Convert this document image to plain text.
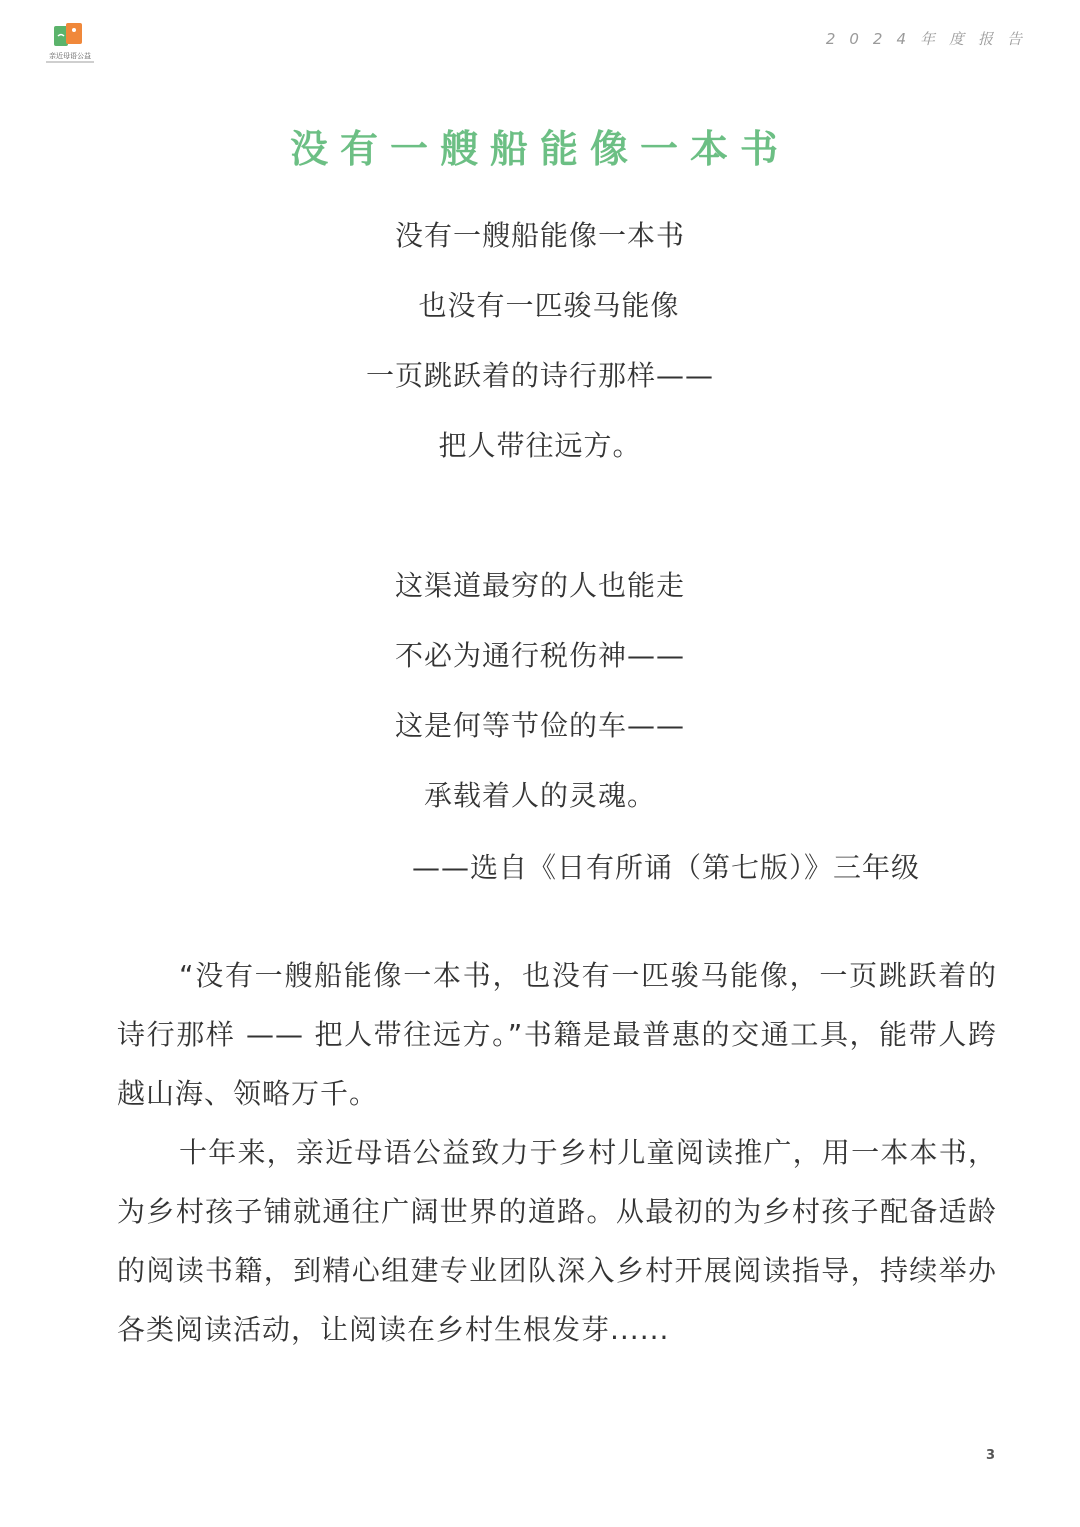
亲近母语公益
2024年度报告
没有一艘船能像一本书
没有一艘船能像一本书
也没有一匹骏马能像
一页跳跃着的诗行那样——
把人带往远方。
这渠道最穷的人也能走
不必为通行税伤神——
这是何等节俭的车——
承载着人的灵魂。
——选自《日有所诵（第七版）》三年级

“没有一艘船能像一本书，也没有一匹骏马能像，一页跳跃着的诗行那样 —— 把人带往远方。”书籍是最普惠的交通工具，能带人跨越山海、领略万千。

十年来，亲近母语公益致力于乡村儿童阅读推广，用一本本书，为乡村孩子铺就通往广阔世界的道路。从最初的为乡村孩子配备适龄的阅读书籍，到精心组建专业团队深入乡村开展阅读指导，持续举办各类阅读活动，让阅读在乡村生根发芽......

3
